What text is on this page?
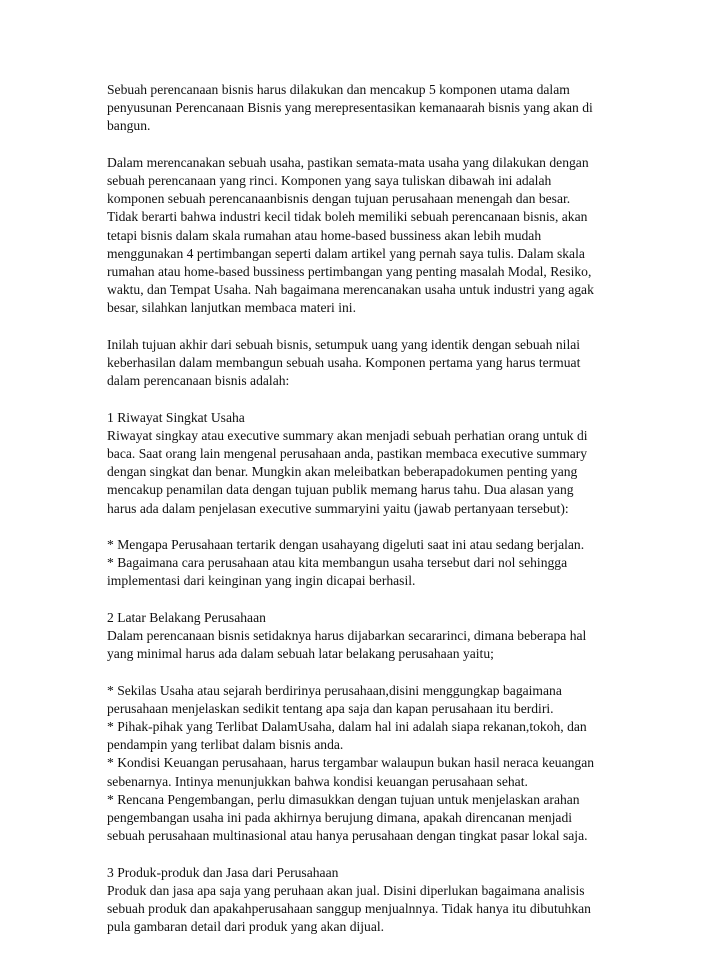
Sebuah perencanaan bisnis harus dilakukan dan mencakup 5 komponen utama dalam
penyusunan Perencanaan Bisnis yang merepresentasikan kemanaarah bisnis yang akan di
bangun.

Dalam merencanakan sebuah usaha, pastikan semata-mata usaha yang dilakukan dengan
sebuah perencanaan yang rinci. Komponen yang saya tuliskan dibawah ini adalah
komponen sebuah perencanaanbisnis dengan tujuan perusahaan menengah dan besar.
Tidak berarti bahwa industri kecil tidak boleh memiliki sebuah perencanaan bisnis, akan
tetapi bisnis dalam skala rumahan atau home-based bussiness akan lebih mudah
menggunakan 4 pertimbangan seperti dalam artikel yang pernah saya tulis. Dalam skala
rumahan atau home-based bussiness pertimbangan yang penting masalah Modal, Resiko,
waktu, dan Tempat Usaha. Nah bagaimana merencanakan usaha untuk industri yang agak
besar, silahkan lanjutkan membaca materi ini.

Inilah tujuan akhir dari sebuah bisnis, setumpuk uang yang identik dengan sebuah nilai
keberhasilan dalam membangun sebuah usaha. Komponen pertama yang harus termuat
dalam perencanaan bisnis adalah:

1 Riwayat Singkat Usaha
Riwayat singkay atau executive summary akan menjadi sebuah perhatian orang untuk di
baca. Saat orang lain mengenal perusahaan anda, pastikan membaca executive summary
dengan singkat dan benar. Mungkin akan meleibatkan beberapadokumen penting yang
mencakup penamilan data dengan tujuan publik memang harus tahu. Dua alasan yang
harus ada dalam penjelasan executive summaryini yaitu (jawab pertanyaan tersebut):

* Mengapa Perusahaan tertarik dengan usahayang digeluti saat ini atau sedang berjalan.
* Bagaimana cara perusahaan atau kita membangun usaha tersebut dari nol sehingga
implementasi dari keinginan yang ingin dicapai berhasil.

2 Latar Belakang Perusahaan
Dalam perencanaan bisnis setidaknya harus dijabarkan secararinci, dimana beberapa hal
yang minimal harus ada dalam sebuah latar belakang perusahaan yaitu;

* Sekilas Usaha atau sejarah berdirinya perusahaan,disini menggungkap bagaimana
perusahaan menjelaskan sedikit tentang apa saja dan kapan perusahaan itu berdiri.
* Pihak-pihak yang Terlibat DalamUsaha, dalam hal ini adalah siapa rekanan,tokoh, dan
pendampin yang terlibat dalam bisnis anda.
* Kondisi Keuangan perusahaan, harus tergambar walaupun bukan hasil neraca keuangan
sebenarnya. Intinya menunjukkan bahwa kondisi keuangan perusahaan sehat.
* Rencana Pengembangan, perlu dimasukkan dengan tujuan untuk menjelaskan arahan
pengembangan usaha ini pada akhirnya berujung dimana, apakah direncanan menjadi
sebuah perusahaan multinasional atau hanya perusahaan dengan tingkat pasar lokal saja.

3 Produk-produk dan Jasa dari Perusahaan
Produk dan jasa apa saja yang peruhaan akan jual. Disini diperlukan bagaimana analisis
sebuah produk dan apakahperusahaan sanggup menjualnnya. Tidak hanya itu dibutuhkan
pula gambaran detail dari produk yang akan dijual.
